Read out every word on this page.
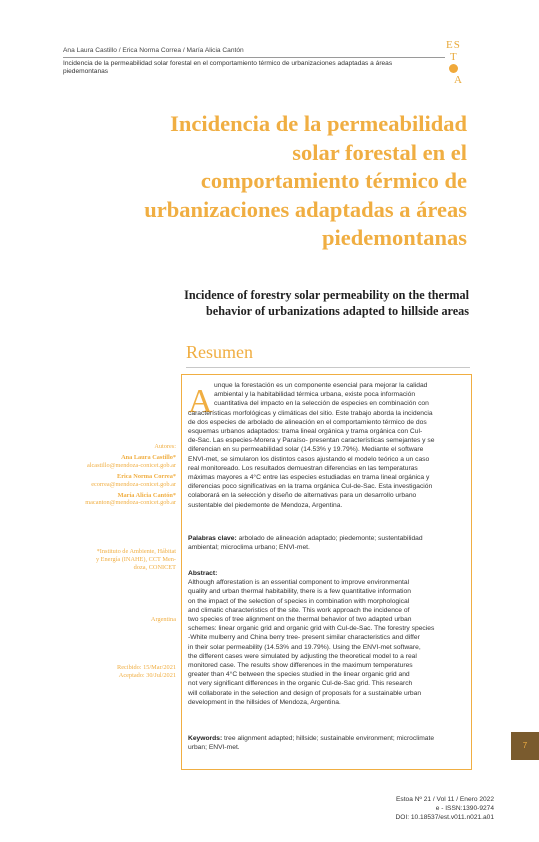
Ana Laura Castillo / Erica Norma Correa / María Alicia Cantón
Incidencia de la permeabilidad solar forestal en el comportamiento térmico de urbanizaciones adaptadas a áreas piedemontanas
ES
T
A
Incidencia de la permeabilidad
solar forestal en el
comportamiento térmico de
urbanizaciones adaptadas a áreas
piedemontanas
Incidence of forestry solar permeability on the thermal
behavior of urbanizations adapted to hillside areas
Resumen
Autores:
Ana Laura Castillo*
alcastillo@mendoza-conicet.gob.ar
Erica Norma Correa*
ecorrea@mendoza-conicet.gob.ar
María Alicia Cantón*
macanton@mendoza-conicet.gob.ar
*Instituto de Ambiente, Hábitat
y Energía (INAHE), CCT Men-
doza, CONICET
Argentina
Recibido: 15/Mar/2021
Aceptado: 30/Jul/2021
A unque la forestación es un componente esencial para mejorar la calidad
ambiental y la habitabilidad térmica urbana, existe poca información
cuantitativa del impacto en la selección de especies en combinación con
características morfológicas y climáticas del sitio. Este trabajo aborda la incidencia
de dos especies de arbolado de alineación en el comportamiento térmico de dos
esquemas urbanos adaptados: trama lineal orgánica y trama orgánica con Cul-
de-Sac. Las especies-Morera y Paraíso- presentan características semejantes y se
diferencian en su permeabilidad solar (14.53% y 19.79%). Mediante el software
ENVI-met, se simularon los distintos casos ajustando el modelo teórico a un caso
real monitoreado. Los resultados demuestran diferencias en las temperaturas
máximas mayores a 4°C entre las especies estudiadas en trama lineal orgánica y
diferencias poco significativas en la trama orgánica Cul-de-Sac. Esta investigación
colaborará en la selección y diseño de alternativas para un desarrollo urbano
sustentable del piedemonte de Mendoza, Argentina.
Palabras clave: arbolado de alineación adaptado; piedemonte; sustentabilidad
ambiental; microclima urbano; ENVI-met.
Abstract:
Although afforestation is an essential component to improve environmental
quality and urban thermal habitability, there is a few quantitative information
on the impact of the selection of species in combination with morphological
and climatic characteristics of the site. This work approach the incidence of
two species of tree alignment on the thermal behavior of two adapted urban
schemes: linear organic grid and organic grid with Cul-de-Sac. The forestry species
-White mulberry and China berry tree- present similar characteristics and differ
in their solar permeability (14.53% and 19.79%). Using the ENVI-met software,
the different cases were simulated by adjusting the theoretical model to a real
monitored case. The results show differences in the maximum temperatures
greater than 4°C between the species studied in the linear organic grid and
not very significant differences in the organic Cul-de-Sac grid. This research
will collaborate in the selection and design of proposals for a sustainable urban
development in the hillsides of Mendoza, Argentina.
Keywords: tree alignment adapted; hillside; sustainable environment; microclimate
urban; ENVI-met.	7
Estoa Nº 21 / Vol 11 / Enero 2022
e - ISSN:1390-9274
DOI: 10.18537/est.v011.n021.a01
